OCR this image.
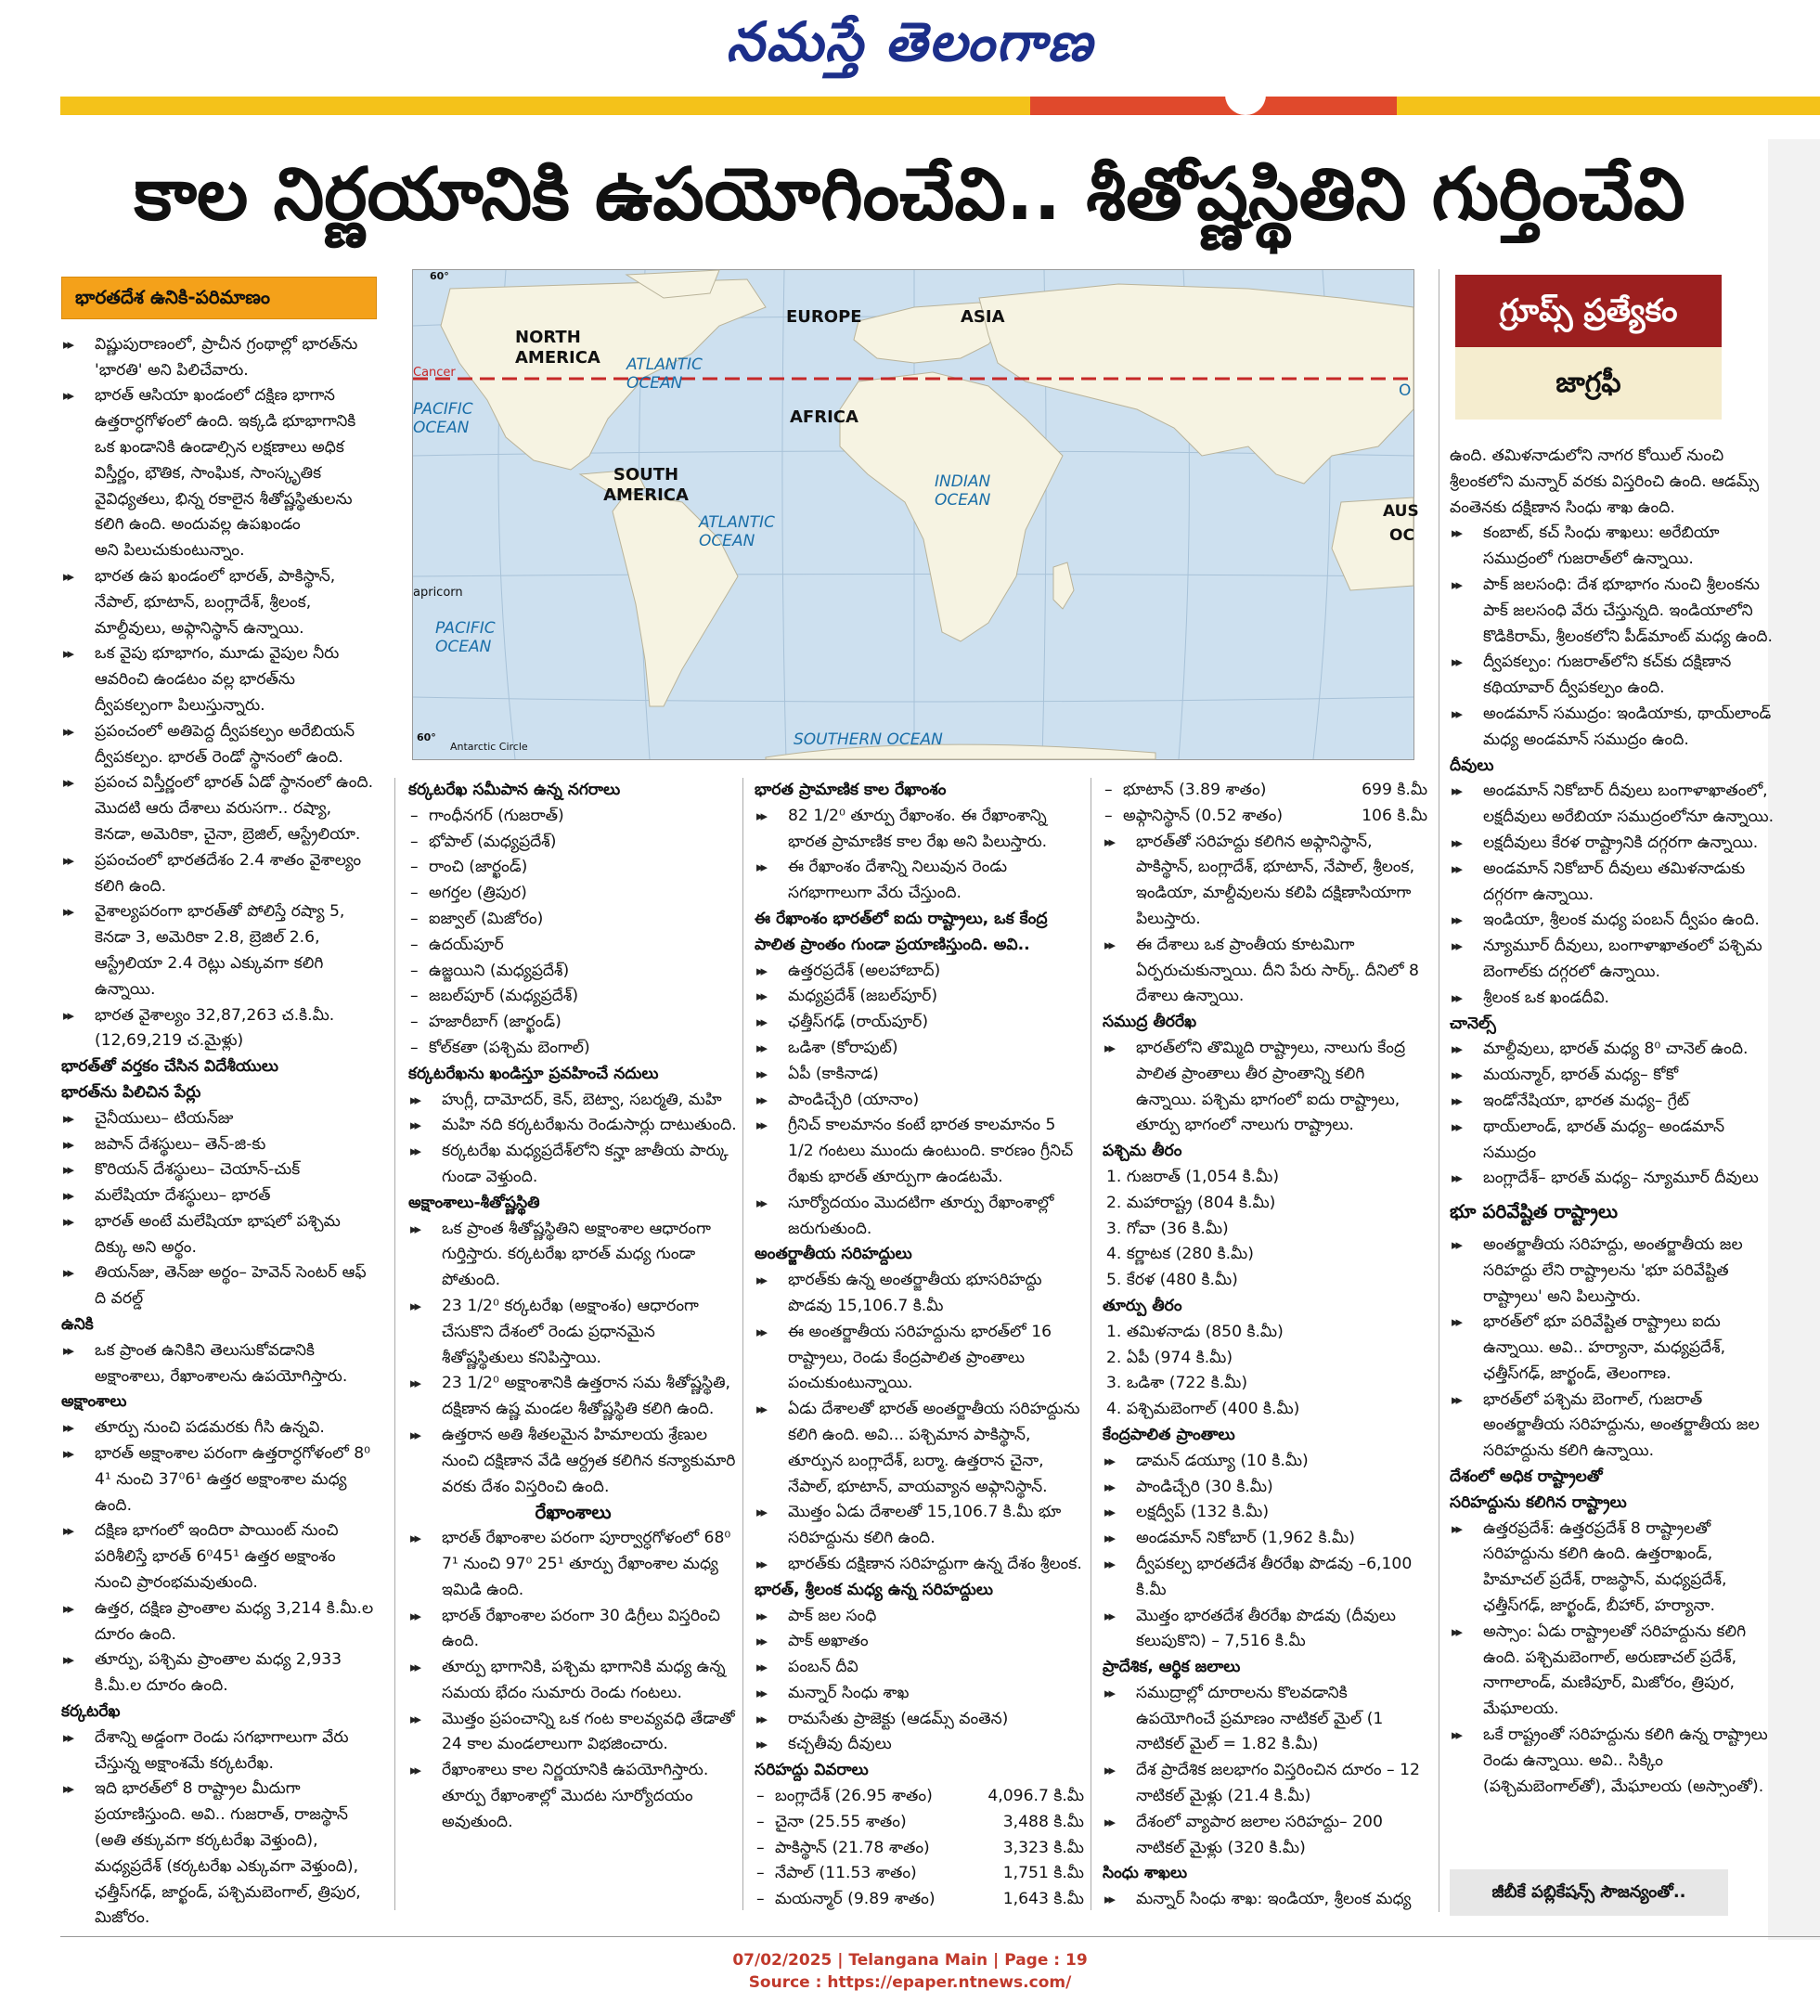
నమస్తే తెలంగాణ
కాల నిర్ణయానికి ఉపయోగించేవి.. శీతోష్ణస్థితిని గుర్తించేవి
60°
60°
Antarctic Circle
Cancer
apricorn
NORTH AMERICA
EUROPE	ASIA
AFRICA
SOUTH AMERICA
ATLANTIC OCEAN
ATLANTIC OCEAN
PACIFIC OCEAN
PACIFIC OCEAN
INDIAN OCEAN
SOUTHERN OCEAN
AUS
OC
O
గ్రూప్స్ ప్రత్యేకం
జాగ్రఫీ

భారతదేశ ఉనికి-పరిమాణం

▸▸ విష్ణుపురాణంలో, ప్రాచీన గ్రంథాల్లో భారత్‌ను 'భారతి' అని పిలిచేవారు.

▸▸ భారత్ ఆసియా ఖండంలో దక్షిణ భాగాన ఉత్తరార్ధగోళంలో ఉంది. ఇక్కడి భూభాగానికి ఒక ఖండానికి ఉండాల్సిన లక్షణాలు అధిక విస్తీర్ణం, భౌతిక, సాంఘిక, సాంస్కృతిక వైవిధ్యతలు, భిన్న రకాలైన శీతోష్ణస్థితులను కలిగి ఉంది. అందువల్ల ఉపఖండం

అని పిలుచుకుంటున్నాం.

▸▸ భారత ఉప ఖండంలో భారత్, పాకిస్థాన్, నేపాల్, భూటాన్, బంగ్లాదేశ్, శ్రీలంక, మాల్దీవులు, అఫ్గానిస్థాన్ ఉన్నాయి.

▸▸ ఒక వైపు భూభాగం, మూడు వైపుల నీరు ఆవరించి ఉండటం వల్ల భారత్‌ను ద్వీపకల్పంగా పిలుస్తున్నారు.

▸▸ ప్రపంచంలో అతిపెద్ద ద్వీపకల్పం అరేబియన్ ద్వీపకల్పం. భారత్ రెండో స్థానంలో ఉంది.

▸▸ ప్రపంచ విస్తీర్ణంలో భారత్ ఏడో స్థానంలో ఉంది. మొదటి ఆరు దేశాలు వరుసగా.. రష్యా, కెనడా, అమెరికా, చైనా, బ్రెజిల్, ఆస్ట్రేలియా.

▸▸ ప్రపంచంలో భారతదేశం 2.4 శాతం వైశాల్యం కలిగి ఉంది.

▸▸ వైశాల్యపరంగా భారత్‌తో పోలిస్తే రష్యా 5, కెనడా 3, అమెరికా 2.8, బ్రెజిల్ 2.6, ఆస్ట్రేలియా 2.4 రెట్లు ఎక్కువగా కలిగి ఉన్నాయి.

▸▸ భారత వైశాల్యం 32,87,263 చ.కి.మీ. (12,69,219 చ.మైళ్లు)

భారత్‌తో వర్తకం చేసిన విదేశీయులు

భారత్‌ను పిలిచిన పేర్లు

▸▸ చైనీయులు– టియన్‌జు

▸▸ జపాన్ దేశస్థులు– తెన్-జి-కు

▸▸ కొరియన్ దేశస్థులు– చెయాన్-చుక్

▸▸ మలేషియా దేశస్థులు– భారత్

▸▸ భారత్ అంటే మలేషియా భాషలో పశ్చిమ దిక్కు అని అర్థం.

▸▸ తియన్‌జు, తెన్‌జు అర్థం– హెవెన్ సెంటర్ ఆఫ్ ది వరల్డ్

ఉనికి

▸▸ ఒక ప్రాంత ఉనికిని తెలుసుకోవడానికి అక్షాంశాలు, రేఖాంశాలను ఉపయోగిస్తారు.

అక్షాంశాలు

▸▸ తూర్పు నుంచి పడమరకు గీసి ఉన్నవి.

▸▸ భారత్ అక్షాంశాల పరంగా ఉత్తరార్ధగోళంలో 8⁰ 4¹ నుంచి 37⁰6¹ ఉత్తర అక్షాంశాల మధ్య ఉంది.

▸▸ దక్షిణ భాగంలో ఇందిరా పాయింట్ నుంచి పరిశీలిస్తే భారత్ 6⁰45¹ ఉత్తర అక్షాంశం నుంచి ప్రారంభమవుతుంది.

▸▸ ఉత్తర, దక్షిణ ప్రాంతాల మధ్య 3,214 కి.మీ.ల దూరం ఉంది.

▸▸ తూర్పు, పశ్చిమ ప్రాంతాల మధ్య 2,933 కి.మీ.ల దూరం ఉంది.

కర్కటరేఖ

▸▸ దేశాన్ని అడ్డంగా రెండు సగభాగాలుగా వేరు చేస్తున్న అక్షాంశమే కర్కటరేఖ.

▸▸ ఇది భారత్‌లో 8 రాష్ట్రాల మీదుగా ప్రయాణిస్తుంది. అవి.. గుజరాత్, రాజస్థాన్ (అతి తక్కువగా కర్కటరేఖ వెళ్తుంది), మధ్యప్రదేశ్ (కర్కటరేఖ ఎక్కువగా వెళ్తుంది), ఛత్తీస్‌గఢ్, జార్ఖండ్, పశ్చిమబెంగాల్, త్రిపుర, మిజోరం.

కర్కటరేఖ సమీపాన ఉన్న నగరాలు

– గాంధీనగర్ (గుజరాత్)

– భోపాల్ (మధ్యప్రదేశ్)

– రాంచి (జార్ఖండ్)

– అగర్తల (త్రిపుర)

– ఐజ్వాల్ (మిజోరం)

– ఉదయ్‌పూర్

– ఉజ్జయిని (మధ్యప్రదేశ్)

– జబల్‌పూర్ (మధ్యప్రదేశ్)

– హజారీబాగ్ (జార్ఖండ్)

– కోల్‌కతా (పశ్చిమ బెంగాల్)

కర్కటరేఖను ఖండిస్తూ ప్రవహించే నదులు

▸▸ హుగ్లీ, దామోదర్, కెన్, బెట్వా, సబర్మతి, మహి

▸▸ మహి నది కర్కటరేఖను రెండుసార్లు దాటుతుంది.

▸▸ కర్కటరేఖ మధ్యప్రదేశ్‌లోని కన్హా జాతీయ పార్కు గుండా వెళ్తుంది.

అక్షాంశాలు-శీతోష్ణస్థితి

▸▸ ఒక ప్రాంత శీతోష్ణస్థితిని అక్షాంశాల ఆధారంగా గుర్తిస్తారు. కర్కటరేఖ భారత్ మధ్య గుండా పోతుంది.

▸▸ 23 1/2⁰ కర్కటరేఖ (అక్షాంశం) ఆధారంగా చేసుకొని దేశంలో రెండు ప్రధానమైన శీతోష్ణస్థితులు కనిపిస్తాయి.

▸▸ 23 1/2⁰ అక్షాంశానికి ఉత్తరాన సమ శీతోష్ణస్థితి, దక్షిణాన ఉష్ణ మండల శీతోష్ణస్థితి కలిగి ఉంది.

▸▸ ఉత్తరాన అతి శీతలమైన హిమాలయ శ్రేణుల నుంచి దక్షిణాన వేడి ఆర్ద్రత కలిగిన కన్యాకుమారి వరకు దేశం విస్తరించి ఉంది.

రేఖాంశాలు

▸▸ భారత్ రేఖాంశాల పరంగా పూర్వార్ధగోళంలో 68⁰ 7¹ నుంచి 97⁰ 25¹ తూర్పు రేఖాంశాల మధ్య ఇమిడి ఉంది.

▸▸ భారత్ రేఖాంశాల పరంగా 30 డిగ్రీలు విస్తరించి ఉంది.

▸▸ తూర్పు భాగానికి, పశ్చిమ భాగానికి మధ్య ఉన్న సమయ భేదం సుమారు రెండు గంటలు.

▸▸ మొత్తం ప్రపంచాన్ని ఒక గంట కాలవ్యవధి తేడాతో 24 కాల మండలాలుగా విభజించారు.

▸▸ రేఖాంశాలు కాల నిర్ణయానికి ఉపయోగిస్తారు. తూర్పు రేఖాంశాల్లో మొదట సూర్యోదయం అవుతుంది.

భారత ప్రామాణిక కాల రేఖాంశం

▸▸ 82 1/2⁰ తూర్పు రేఖాంశం. ఈ రేఖాంశాన్ని భారత ప్రామాణిక కాల రేఖ అని పిలుస్తారు.

▸▸ ఈ రేఖాంశం దేశాన్ని నిలువున రెండు సగభాగాలుగా వేరు చేస్తుంది.

ఈ రేఖాంశం భారత్‌లో ఐదు రాష్ట్రాలు, ఒక కేంద్ర పాలిత ప్రాంతం గుండా ప్రయాణిస్తుంది. అవి..

▸▸ ఉత్తరప్రదేశ్ (అలహాబాద్)

▸▸ మధ్యప్రదేశ్ (జబల్‌పూర్)

▸▸ ఛత్తీస్‌గఢ్ (రాయ్‌పూర్)

▸▸ ఒడిశా (కోరాపుట్)

▸▸ ఏపీ (కాకినాడ)

▸▸ పాండిచ్చేరి (యానాం)

▸▸ గ్రీనిచ్ కాలమానం కంటే భారత కాలమానం 5 1/2 గంటలు ముందు ఉంటుంది. కారణం గ్రీనిచ్ రేఖకు భారత్ తూర్పుగా ఉండటమే.

▸▸ సూర్యోదయం మొదటిగా తూర్పు రేఖాంశాల్లో జరుగుతుంది.

అంతర్జాతీయ సరిహద్దులు

▸▸ భారత్‌కు ఉన్న అంతర్జాతీయ భూసరిహద్దు పొడవు 15,106.7 కి.మీ

▸▸ ఈ అంతర్జాతీయ సరిహద్దును భారత్‌లో 16 రాష్ట్రాలు, రెండు కేంద్రపాలిత ప్రాంతాలు పంచుకుంటున్నాయి.

▸▸ ఏడు దేశాలతో భారత్ అంతర్జాతీయ సరిహద్దును కలిగి ఉంది. అవి... పశ్చిమాన పాకిస్థాన్, తూర్పున బంగ్లాదేశ్, బర్మా. ఉత్తరాన చైనా, నేపాల్, భూటాన్, వాయవ్యాన అఫ్గానిస్థాన్.

▸▸ మొత్తం ఏడు దేశాలతో 15,106.7 కి.మీ భూ సరిహద్దును కలిగి ఉంది.

▸▸ భారత్‌కు దక్షిణాన సరిహద్దుగా ఉన్న దేశం శ్రీలంక.

భారత్, శ్రీలంక మధ్య ఉన్న సరిహద్దులు

▸▸ పాక్ జల సంధి

▸▸ పాక్ అఖాతం

▸▸ పంబన్ దీవి

▸▸ మన్నార్ సింధు శాఖ

▸▸ రామసేతు ప్రాజెక్టు (ఆడమ్స్ వంతెన)

▸▸ కచ్చతీవు దీవులు

సరిహద్దు వివరాలు

– బంగ్లాదేశ్ (26.95 శాతం)	4,096.7 కి.మీ

– చైనా (25.55 శాతం)	3,488 కి.మీ

– పాకిస్థాన్ (21.78 శాతం)	3,323 కి.మీ

– నేపాల్ (11.53 శాతం)	1,751 కి.మీ

– మయన్మార్ (9.89 శాతం)	1,643 కి.మీ

– భూటాన్ (3.89 శాతం)	699 కి.మీ

– అఫ్గానిస్థాన్ (0.52 శాతం)	106 కి.మీ

▸▸ భారత్‌తో సరిహద్దు కలిగిన అఫ్గానిస్థాన్, పాకిస్థాన్, బంగ్లాదేశ్, భూటాన్, నేపాల్, శ్రీలంక, ఇండియా, మాల్దీవులను కలిపి దక్షిణాసియాగా పిలుస్తారు.

▸▸ ఈ దేశాలు ఒక ప్రాంతీయ కూటమిగా ఏర్పరుచుకున్నాయి. దీని పేరు సార్క్. దీనిలో 8 దేశాలు ఉన్నాయి.

సముద్ర తీరరేఖ

▸▸ భారత్‌లోని తొమ్మిది రాష్ట్రాలు, నాలుగు కేంద్ర పాలిత ప్రాంతాలు తీర ప్రాంతాన్ని కలిగి ఉన్నాయి. పశ్చిమ భాగంలో ఐదు రాష్ట్రాలు, తూర్పు భాగంలో నాలుగు రాష్ట్రాలు.

పశ్చిమ తీరం

1. గుజరాత్ (1,054 కి.మీ)

2. మహారాష్ట్ర (804 కి.మీ)

3. గోవా (36 కి.మీ)

4. కర్ణాటక (280 కి.మీ)

5. కేరళ (480 కి.మీ)

తూర్పు తీరం

1. తమిళనాడు (850 కి.మీ)

2. ఏపీ (974 కి.మీ)

3. ఒడిశా (722 కి.మీ)

4. పశ్చిమబెంగాల్ (400 కి.మీ)

కేంద్రపాలిత ప్రాంతాలు

▸▸ డామన్ డయ్యూ (10 కి.మీ)

▸▸ పాండిచ్చేరి (30 కి.మీ)

▸▸ లక్షద్వీప్ (132 కి.మీ)

▸▸ అండమాన్ నికోబార్ (1,962 కి.మీ)

▸▸ ద్వీపకల్ప భారతదేశ తీరరేఖ పొడవు –6,100 కి.మీ

▸▸ మొత్తం భారతదేశ తీరరేఖ పొడవు (దీవులు కలుపుకొని) – 7,516 కి.మీ

ప్రాదేశిక, ఆర్థిక జలాలు

▸▸ సముద్రాల్లో దూరాలను కొలవడానికి ఉపయోగించే ప్రమాణం నాటికల్ మైల్ (1 నాటికల్ మైల్ = 1.82 కి.మీ)

▸▸ దేశ ప్రాదేశిక జలభాగం విస్తరించిన దూరం – 12 నాటికల్ మైళ్లు (21.4 కి.మీ)

▸▸ దేశంలో వ్యాపార జలాల సరిహద్దు– 200 నాటికల్ మైళ్లు (320 కి.మీ)

సింధు శాఖలు

▸▸ మన్నార్ సింధు శాఖ: ఇండియా, శ్రీలంక మధ్య

ఉంది. తమిళనాడులోని నాగర కోయిల్ నుంచి శ్రీలంకలోని మన్నార్ వరకు విస్తరించి ఉంది. ఆడమ్స్ వంతెనకు దక్షిణాన సింధు శాఖ ఉంది.

▸▸ కంబాట్, కచ్ సింధు శాఖలు: అరేబియా సముద్రంలో గుజరాత్‌లో ఉన్నాయి.

▸▸ పాక్ జలసంధి: దేశ భూభాగం నుంచి శ్రీలంకను పాక్ జలసంధి వేరు చేస్తున్నది. ఇండియాలోని కొడికిరామ్, శ్రీలంకలోని పీడ్‌మాంట్ మధ్య ఉంది.

▸▸ ద్వీపకల్పం: గుజరాత్‌లోని కచ్‌కు దక్షిణాన కథియావార్ ద్వీపకల్పం ఉంది.

▸▸ అండమాన్ సముద్రం: ఇండియాకు, థాయ్‌లాండ్ మధ్య అండమాన్ సముద్రం ఉంది.

దీవులు

▸▸ అండమాన్ నికోబార్ దీవులు బంగాళాఖాతంలో, లక్షదీవులు అరేబియా సముద్రంలోనూ ఉన్నాయి.

▸▸ లక్షదీవులు కేరళ రాష్ట్రానికి దగ్గరగా ఉన్నాయి.

▸▸ అండమాన్ నికోబార్ దీవులు తమిళనాడుకు దగ్గరగా ఉన్నాయి.

▸▸ ఇండియా, శ్రీలంక మధ్య పంబన్ ద్వీపం ఉంది.

▸▸ న్యూమూర్ దీవులు, బంగాళాఖాతంలో పశ్చిమ బెంగాల్‌కు దగ్గరలో ఉన్నాయి.

▸▸ శ్రీలంక ఒక ఖండదీవి.

చానెల్స్

▸▸ మాల్దీవులు, భారత్ మధ్య 8⁰ చానెల్ ఉంది.

▸▸ మయన్మార్, భారత్ మధ్య– కోకో

▸▸ ఇండోనేషియా, భారత మధ్య– గ్రేట్

▸▸ థాయ్‌లాండ్, భారత్ మధ్య– అండమాన్ సముద్రం

▸▸ బంగ్లాదేశ్– భారత్ మధ్య– న్యూమూర్ దీవులు

భూ పరివేష్టిత రాష్ట్రాలు

▸▸ అంతర్జాతీయ సరిహద్దు, అంతర్జాతీయ జల సరిహద్దు లేని రాష్ట్రాలను 'భూ పరివేష్టిత రాష్ట్రాలు' అని పిలుస్తారు.

▸▸ భారత్‌లో భూ పరివేష్టిత రాష్ట్రాలు ఐదు ఉన్నాయి. అవి.. హర్యానా, మధ్యప్రదేశ్, ఛత్తీస్‌గఢ్, జార్ఖండ్, తెలంగాణ.

▸▸ భారత్‌లో పశ్చిమ బెంగాల్, గుజరాత్ అంతర్జాతీయ సరిహద్దును, అంతర్జాతీయ జల సరిహద్దును కలిగి ఉన్నాయి.

దేశంలో అధిక రాష్ట్రాలతో

సరిహద్దును కలిగిన రాష్ట్రాలు

▸▸ ఉత్తరప్రదేశ్: ఉత్తరప్రదేశ్ 8 రాష్ట్రాలతో సరిహద్దును కలిగి ఉంది. ఉత్తరాఖండ్, హిమాచల్ ప్రదేశ్, రాజస్థాన్, మధ్యప్రదేశ్, ఛత్తీస్‌గఢ్, జార్ఖండ్, బీహార్, హర్యానా.

▸▸ అస్సాం: ఏడు రాష్ట్రాలతో సరిహద్దును కలిగి ఉంది. పశ్చిమబెంగాల్, అరుణాచల్ ప్రదేశ్, నాగాలాండ్, మణిపూర్, మిజోరం, త్రిపుర, మేఘాలయ.

▸▸ ఒకే రాష్ట్రంతో సరిహద్దును కలిగి ఉన్న రాష్ట్రాలు రెండు ఉన్నాయి. అవి.. సిక్కిం (పశ్చిమబెంగాల్‌తో), మేఘాలయ (అస్సాంతో).

జీబీకే పబ్లికేషన్స్ సౌజన్యంతో..
07/02/2025 | Telangana Main | Page : 19
Source : https://epaper.ntnews.com/
